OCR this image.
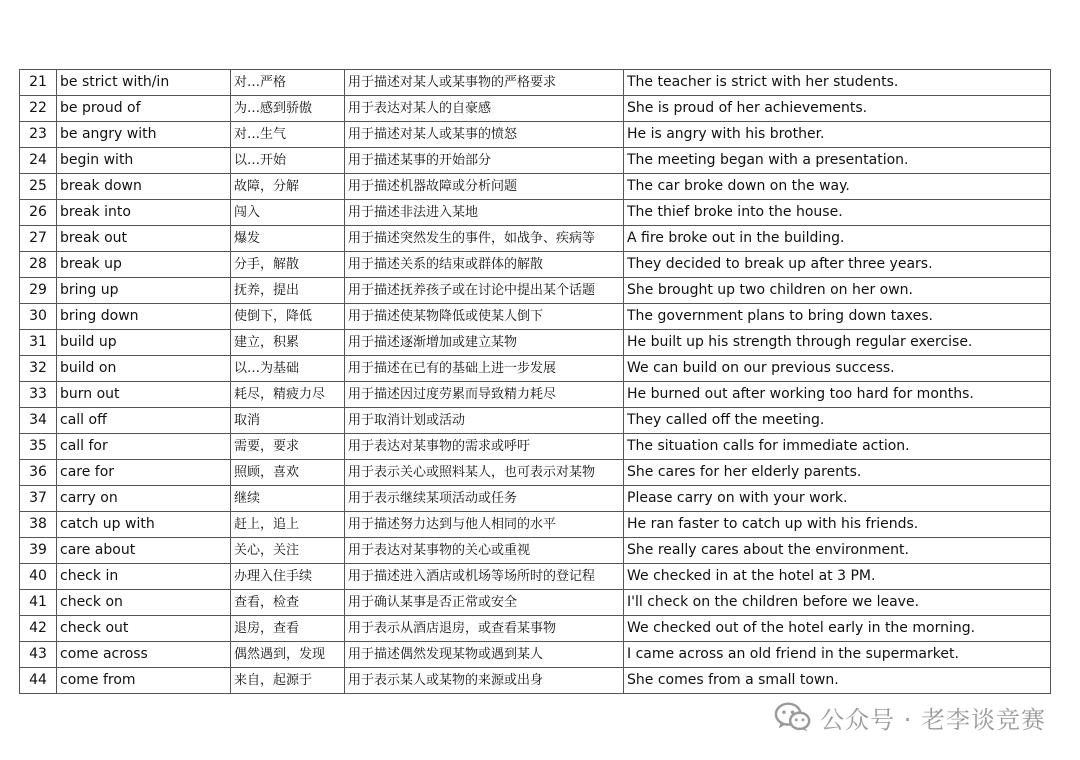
21	be strict with/in	对…严格	用于描述对某人或某事物的严格要求	The teacher is strict with her students.
22	be proud of	为…感到骄傲	用于表达对某人的自豪感	She is proud of her achievements.
23	be angry with	对…生气	用于描述对某人或某事的愤怒	He is angry with his brother.
24	begin with	以…开始	用于描述某事的开始部分	The meeting began with a presentation.
25	break down	故障，分解	用于描述机器故障或分析问题	The car broke down on the way.
26	break into	闯入	用于描述非法进入某地	The thief broke into the house.
27	break out	爆发	用于描述突然发生的事件，如战争、疾病等	A fire broke out in the building.
28	break up	分手，解散	用于描述关系的结束或群体的解散	They decided to break up after three years.
29	bring up	抚养，提出	用于描述抚养孩子或在讨论中提出某个话题	She brought up two children on her own.
30	bring down	使倒下，降低	用于描述使某物降低或使某人倒下	The government plans to bring down taxes.
31	build up	建立，积累	用于描述逐渐增加或建立某物	He built up his strength through regular exercise.
32	build on	以…为基础	用于描述在已有的基础上进一步发展	We can build on our previous success.
33	burn out	耗尽，精疲力尽	用于描述因过度劳累而导致精力耗尽	He burned out after working too hard for months.
34	call off	取消	用于取消计划或活动	They called off the meeting.
35	call for	需要，要求	用于表达对某事物的需求或呼吁	The situation calls for immediate action.
36	care for	照顾，喜欢	用于表示关心或照料某人，也可表示对某物	She cares for her elderly parents.
37	carry on	继续	用于表示继续某项活动或任务	Please carry on with your work.
38	catch up with	赶上，追上	用于描述努力达到与他人相同的水平	He ran faster to catch up with his friends.
39	care about	关心，关注	用于表达对某事物的关心或重视	She really cares about the environment.
40	check in	办理入住手续	用于描述进入酒店或机场等场所时的登记程	We checked in at the hotel at 3 PM.
41	check on	查看，检查	用于确认某事是否正常或安全	I'll check on the children before we leave.
42	check out	退房，查看	用于表示从酒店退房，或查看某事物	We checked out of the hotel early in the morning.
43	come across	偶然遇到，发现	用于描述偶然发现某物或遇到某人	I came across an old friend in the supermarket.
44	come from	来自，起源于	用于表示某人或某物的来源或出身	She comes from a small town.
公众号 · 老李谈竞赛
